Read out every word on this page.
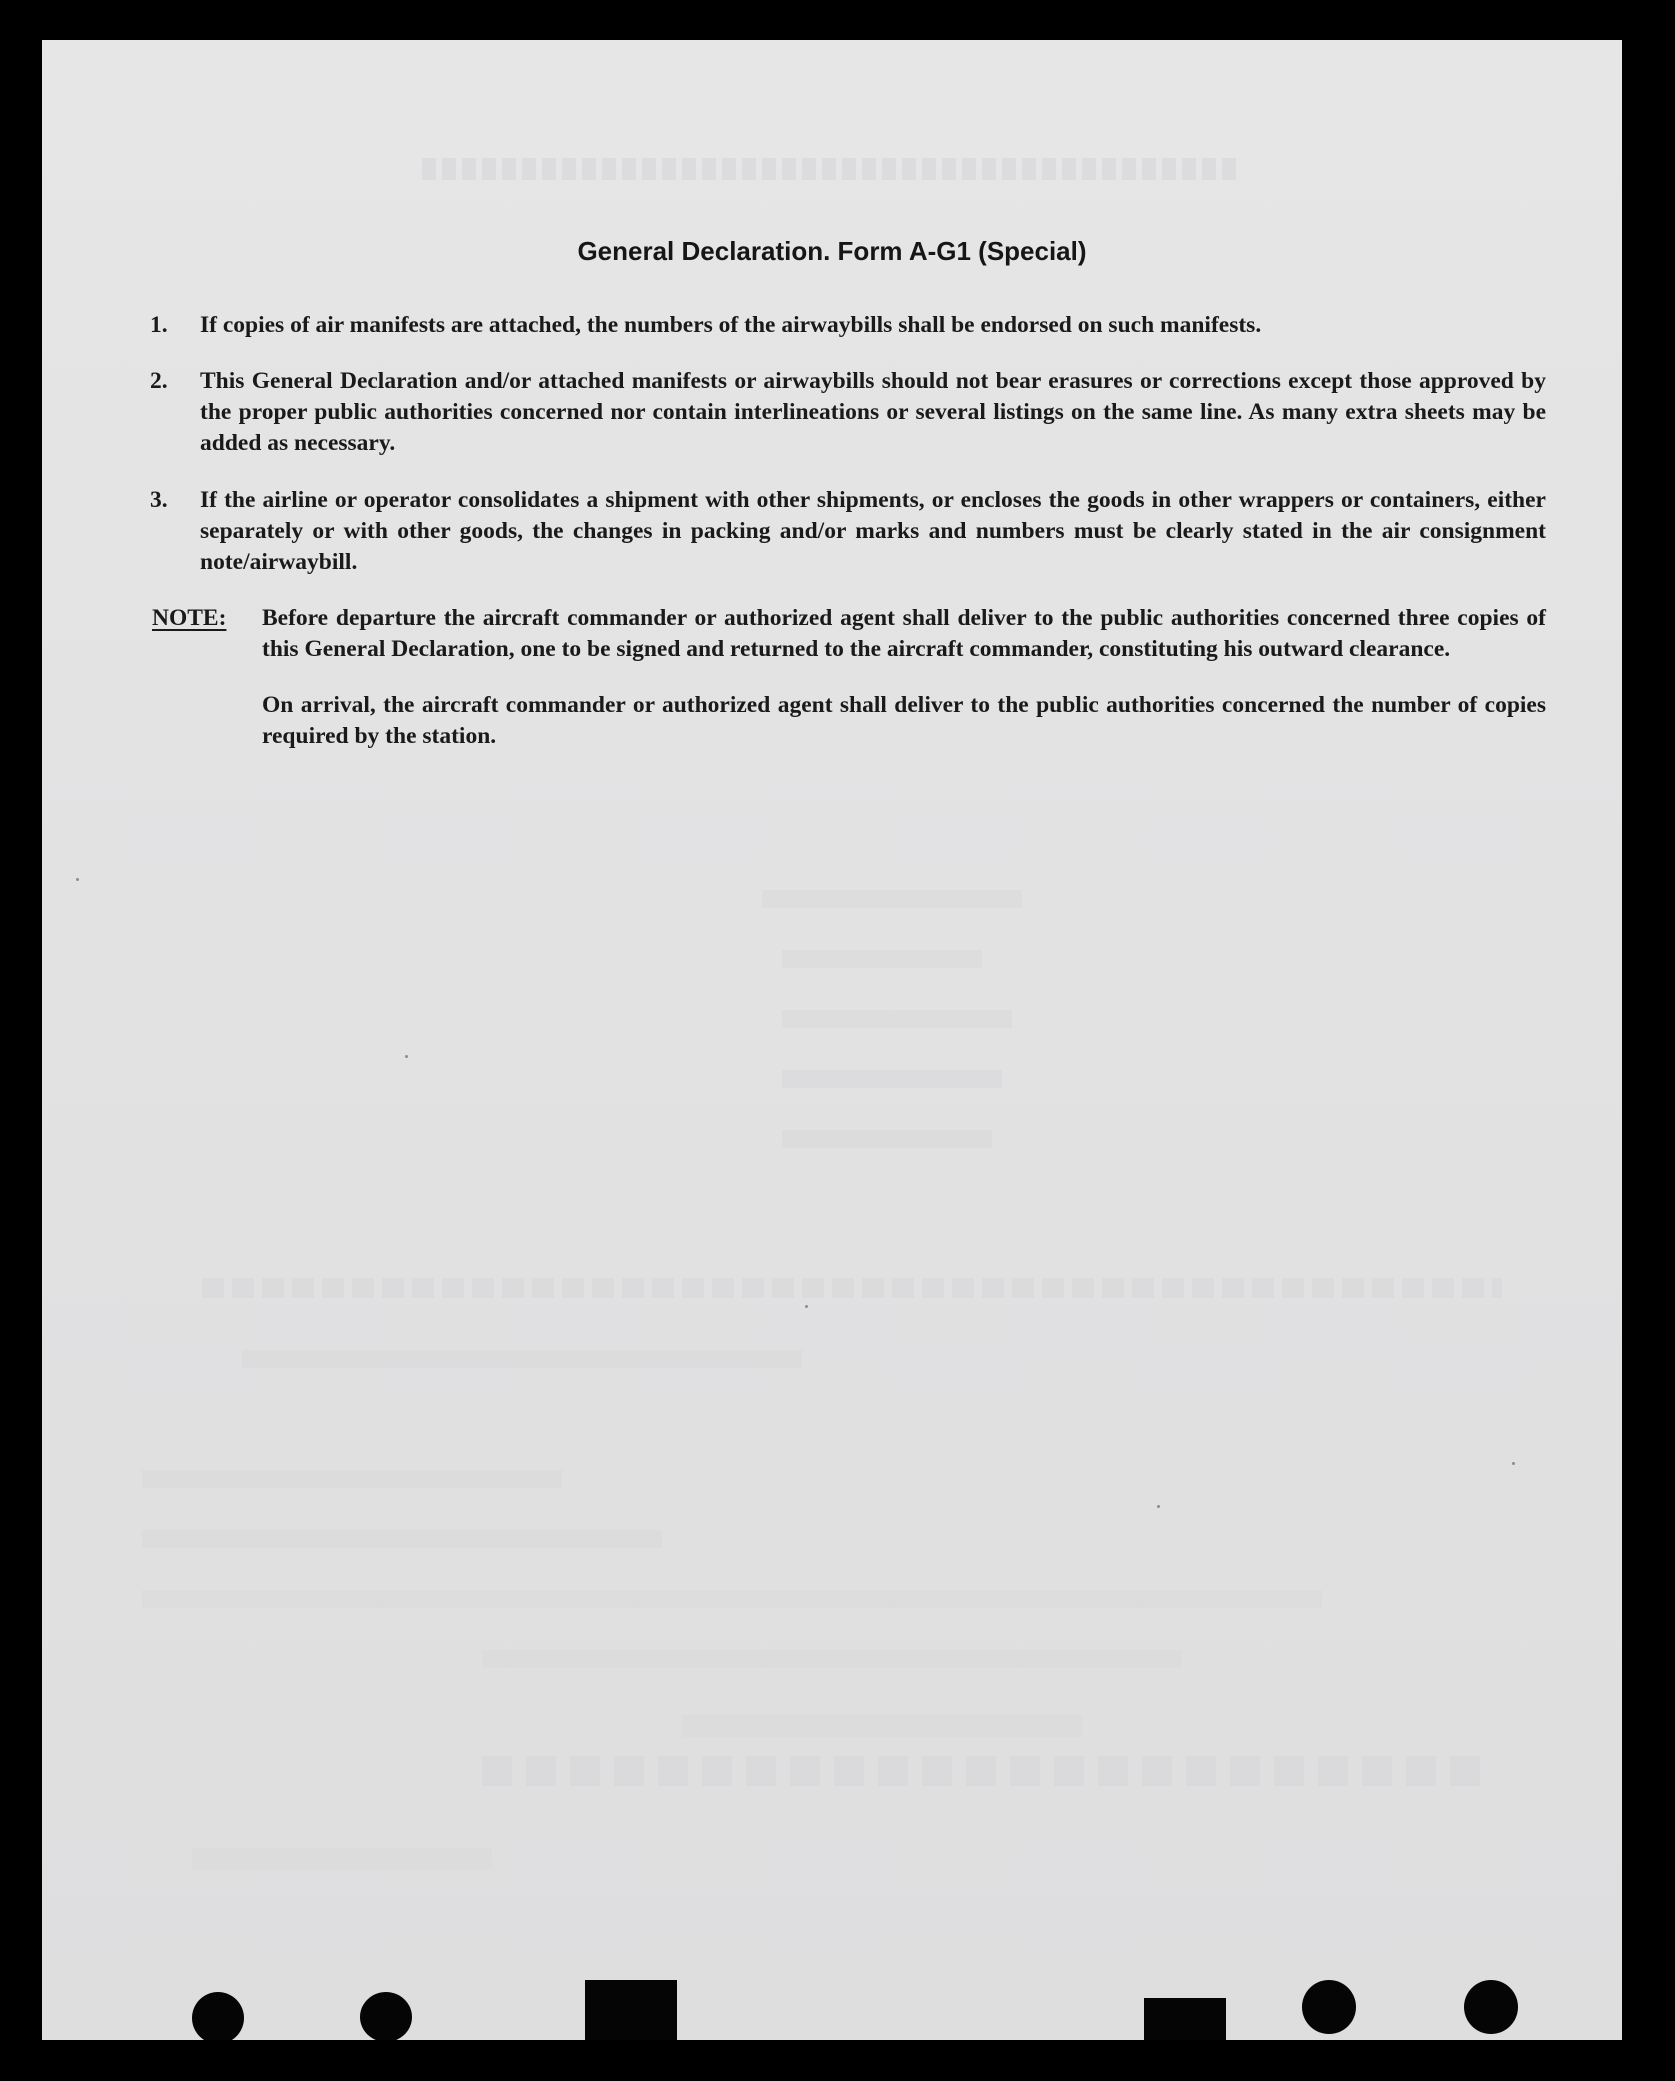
General Declaration. Form A-G1 (Special)
1.	If copies of air manifests are attached, the numbers of the airwaybills shall be endorsed on such manifests.
2.	This General Declaration and/or attached manifests or airwaybills should not bear erasures or corrections except those approved by the proper public authorities concerned nor contain interlineations or several listings on the same line. As many extra sheets may be added as necessary.
3.	If the airline or operator consolidates a shipment with other shipments, or encloses the goods in other wrappers or containers, either separately or with other goods, the changes in packing and/or marks and numbers must be clearly stated in the air consignment note/airwaybill.
NOTE: Before departure the aircraft commander or authorized agent shall deliver to the public authorities concerned three copies of this General Declaration, one to be signed and returned to the aircraft commander, constituting his outward clearance.
On arrival, the aircraft commander or authorized agent shall deliver to the public authorities concerned the number of copies required by the station.
